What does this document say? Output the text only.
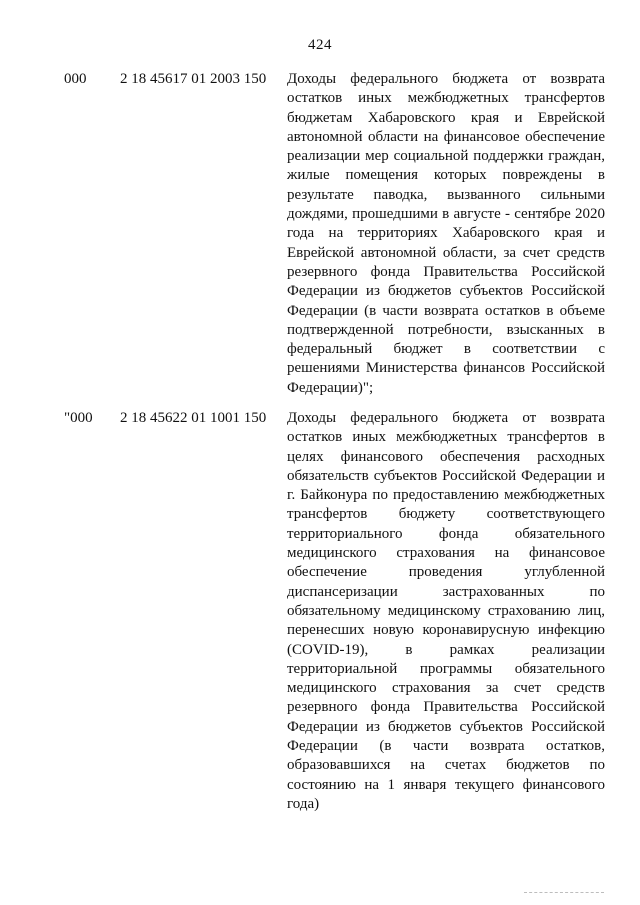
424
000 2 18 45617 01 2003 150 Доходы федерального бюджета от возврата остатков иных межбюджетных трансфертов бюджетам Хабаровского края и Еврейской автономной области на финансовое обеспечение реализации мер социальной поддержки граждан, жилые помещения которых повреждены в результате паводка, вызванного сильными дождями, прошедшими в августе - сентябре 2020 года на территориях Хабаровского края и Еврейской автономной области, за счет средств резервного фонда Правительства Российской Федерации из бюджетов субъектов Российской Федерации (в части возврата остатков в объеме подтвержденной потребности, взысканных в федеральный бюджет в соответствии с решениями Министерства финансов Российской Федерации)";
"000 2 18 45622 01 1001 150 Доходы федерального бюджета от возврата остатков иных межбюджетных трансфертов в целях финансового обеспечения расходных обязательств субъектов Российской Федерации и г. Байконура по предоставлению межбюджетных трансфертов бюджету соответствующего территориального фонда обязательного медицинского страхования на финансовое обеспечение проведения углубленной диспансеризации застрахованных по обязательному медицинскому страхованию лиц, перенесших новую коронавирусную инфекцию (COVID-19), в рамках реализации территориальной программы обязательного медицинского страхования за счет средств резервного фонда Правительства Российской Федерации из бюджетов субъектов Российской Федерации (в части возврата остатков, образовавшихся на счетах бюджетов по состоянию на 1 января текущего финансового года)
